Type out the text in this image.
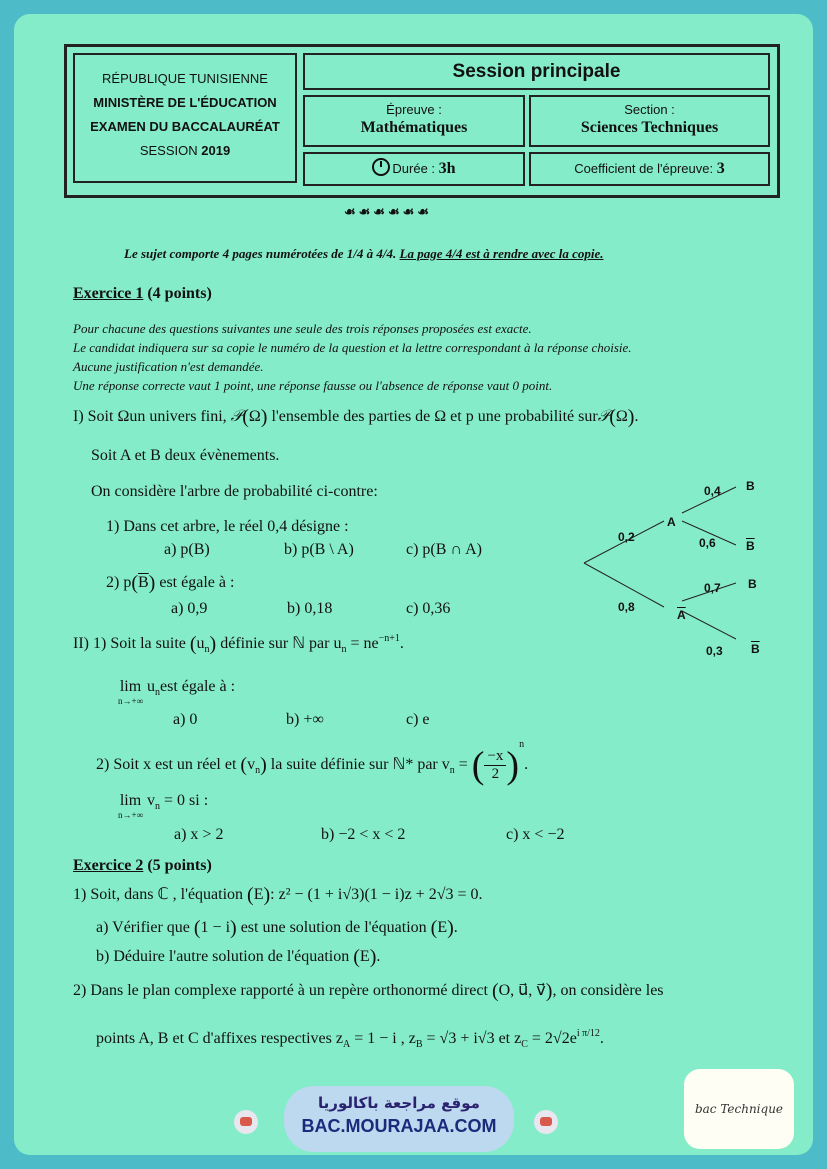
RÉPUBLIQUE TUNISIENNE
MINISTÈRE DE L'ÉDUCATION
EXAMEN DU BACCALAURÉAT
SESSION 2019
Session principale
Épreuve :
Mathématiques
Section :
Sciences Techniques
Durée : 3h	Coefficient de l'épreuve: 3
☙☙☙☙☙☙
Le sujet comporte 4 pages numérotées de 1/4 à 4/4. La page 4/4 est à rendre avec la copie.
Exercice 1 (4 points)
Pour chacune des questions suivantes une seule des trois réponses proposées est exacte.
Le candidat indiquera sur sa copie le numéro de la question et la lettre correspondant à la réponse choisie.
Aucune justification n'est demandée.
Une réponse correcte vaut 1 point, une réponse fausse ou l'absence de réponse vaut 0 point.
I) Soit Ωun univers fini, 𝒫(Ω) l'ensemble des parties de Ω et p une probabilité sur𝒫(Ω).
Soit A et B deux évènements.
On considère l'arbre de probabilité ci-contre:
1) Dans cet arbre, le réel 0,4 désigne :
a) p(B)	b) p(B \ A)	c) p(B ∩ A)
2) $p(\overline{B})$ est égale à :
a) 0,9	b) 0,18	c) 0,36
II) 1) Soit la suite $(u_n)$ définie sur ℕ par $u_n = ne^{-n+1}$.
lim
n→+∞
$u_nest$ égale à :
a) 0	b) +∞	c) e
2) Soit x est un réel et $(v_n)$ la suite définie sur ℕ* par $v_n$ = ( $\frac{-x}{2} )^n$.
lim
n→+∞
$v_n = 0$ si :
a) x > 2	b) −2 < x < 2	c) x < −2
0,4 B
0,2
A
0,6	$\overline{B}$
0,7 B
0,8
$\overline{A}$
0,3 $\overline{B}$
Exercice 2 (5 points)
1) Soit, dans ℂ , l'équation (E): z² − (1 + i√3)(1 − i)z + 2√3 = 0.
a) Vérifier que (1 − i) est une solution de l'équation (E).
b) Déduire l'autre solution de l'équation (E).
2) Dans le plan complexe rapporté à un repère orthonormé direct (O, u⃗, v⃗), on considère les
points A, B et C d'affixes respectives $z_A = 1 - i$ , $z_B = √3 + i√3$ et $z_C = 2√2e^{i \pi/12}$.
موقع مراجعة باكالوريا
BAC.MOURAJAA.COM
bac Technique
